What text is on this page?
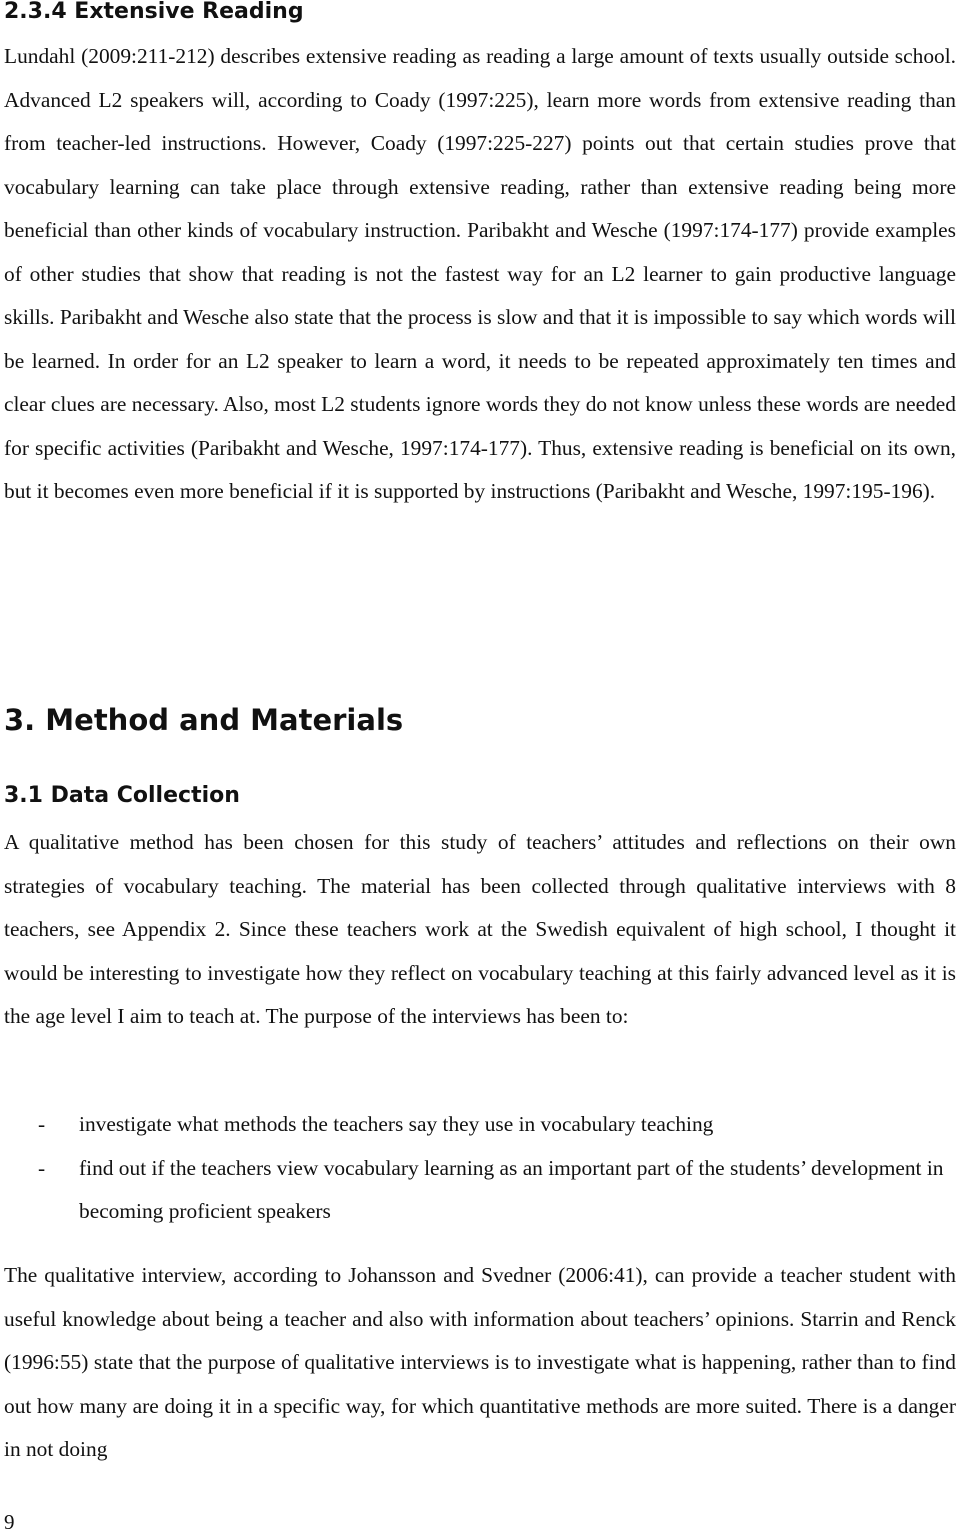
2.3.4 Extensive Reading

Lundahl (2009:211-212) describes extensive reading as reading a large amount of texts usually outside school. Advanced L2 speakers will, according to Coady (1997:225), learn more words from extensive reading than from teacher-led instructions. However, Coady (1997:225-227) points out that certain studies prove that vocabulary learning can take place through extensive reading, rather than extensive reading being more beneficial than other kinds of vocabulary instruction. Paribakht and Wesche (1997:174-177) provide examples of other studies that show that reading is not the fastest way for an L2 learner to gain productive language skills. Paribakht and Wesche also state that the process is slow and that it is impossible to say which words will be learned. In order for an L2 speaker to learn a word, it needs to be repeated approximately ten times and clear clues are necessary. Also, most L2 students ignore words they do not know unless these words are needed for specific activities (Paribakht and Wesche, 1997:174-177). Thus, extensive reading is beneficial on its own, but it becomes even more beneficial if it is supported by instructions (Paribakht and Wesche, 1997:195-196).

3. Method and Materials
3.1 Data Collection

A qualitative method has been chosen for this study of teachers’ attitudes and reflections on their own strategies of vocabulary teaching. The material has been collected through qualitative interviews with 8 teachers, see Appendix 2. Since these teachers work at the Swedish equivalent of high school, I thought it would be interesting to investigate how they reflect on vocabulary teaching at this fairly advanced level as it is the age level I aim to teach at. The purpose of the interviews has been to:

- investigate what methods the teachers say they use in vocabulary teaching
- find out if the teachers view vocabulary learning as an important part of the students’ development in becoming proficient speakers

The qualitative interview, according to Johansson and Svedner (2006:41), can provide a teacher student with useful knowledge about being a teacher and also with information about teachers’ opinions. Starrin and Renck (1996:55) state that the purpose of qualitative interviews is to investigate what is happening, rather than to find out how many are doing it in a specific way, for which quantitative methods are more suited. There is a danger in not doing

9
